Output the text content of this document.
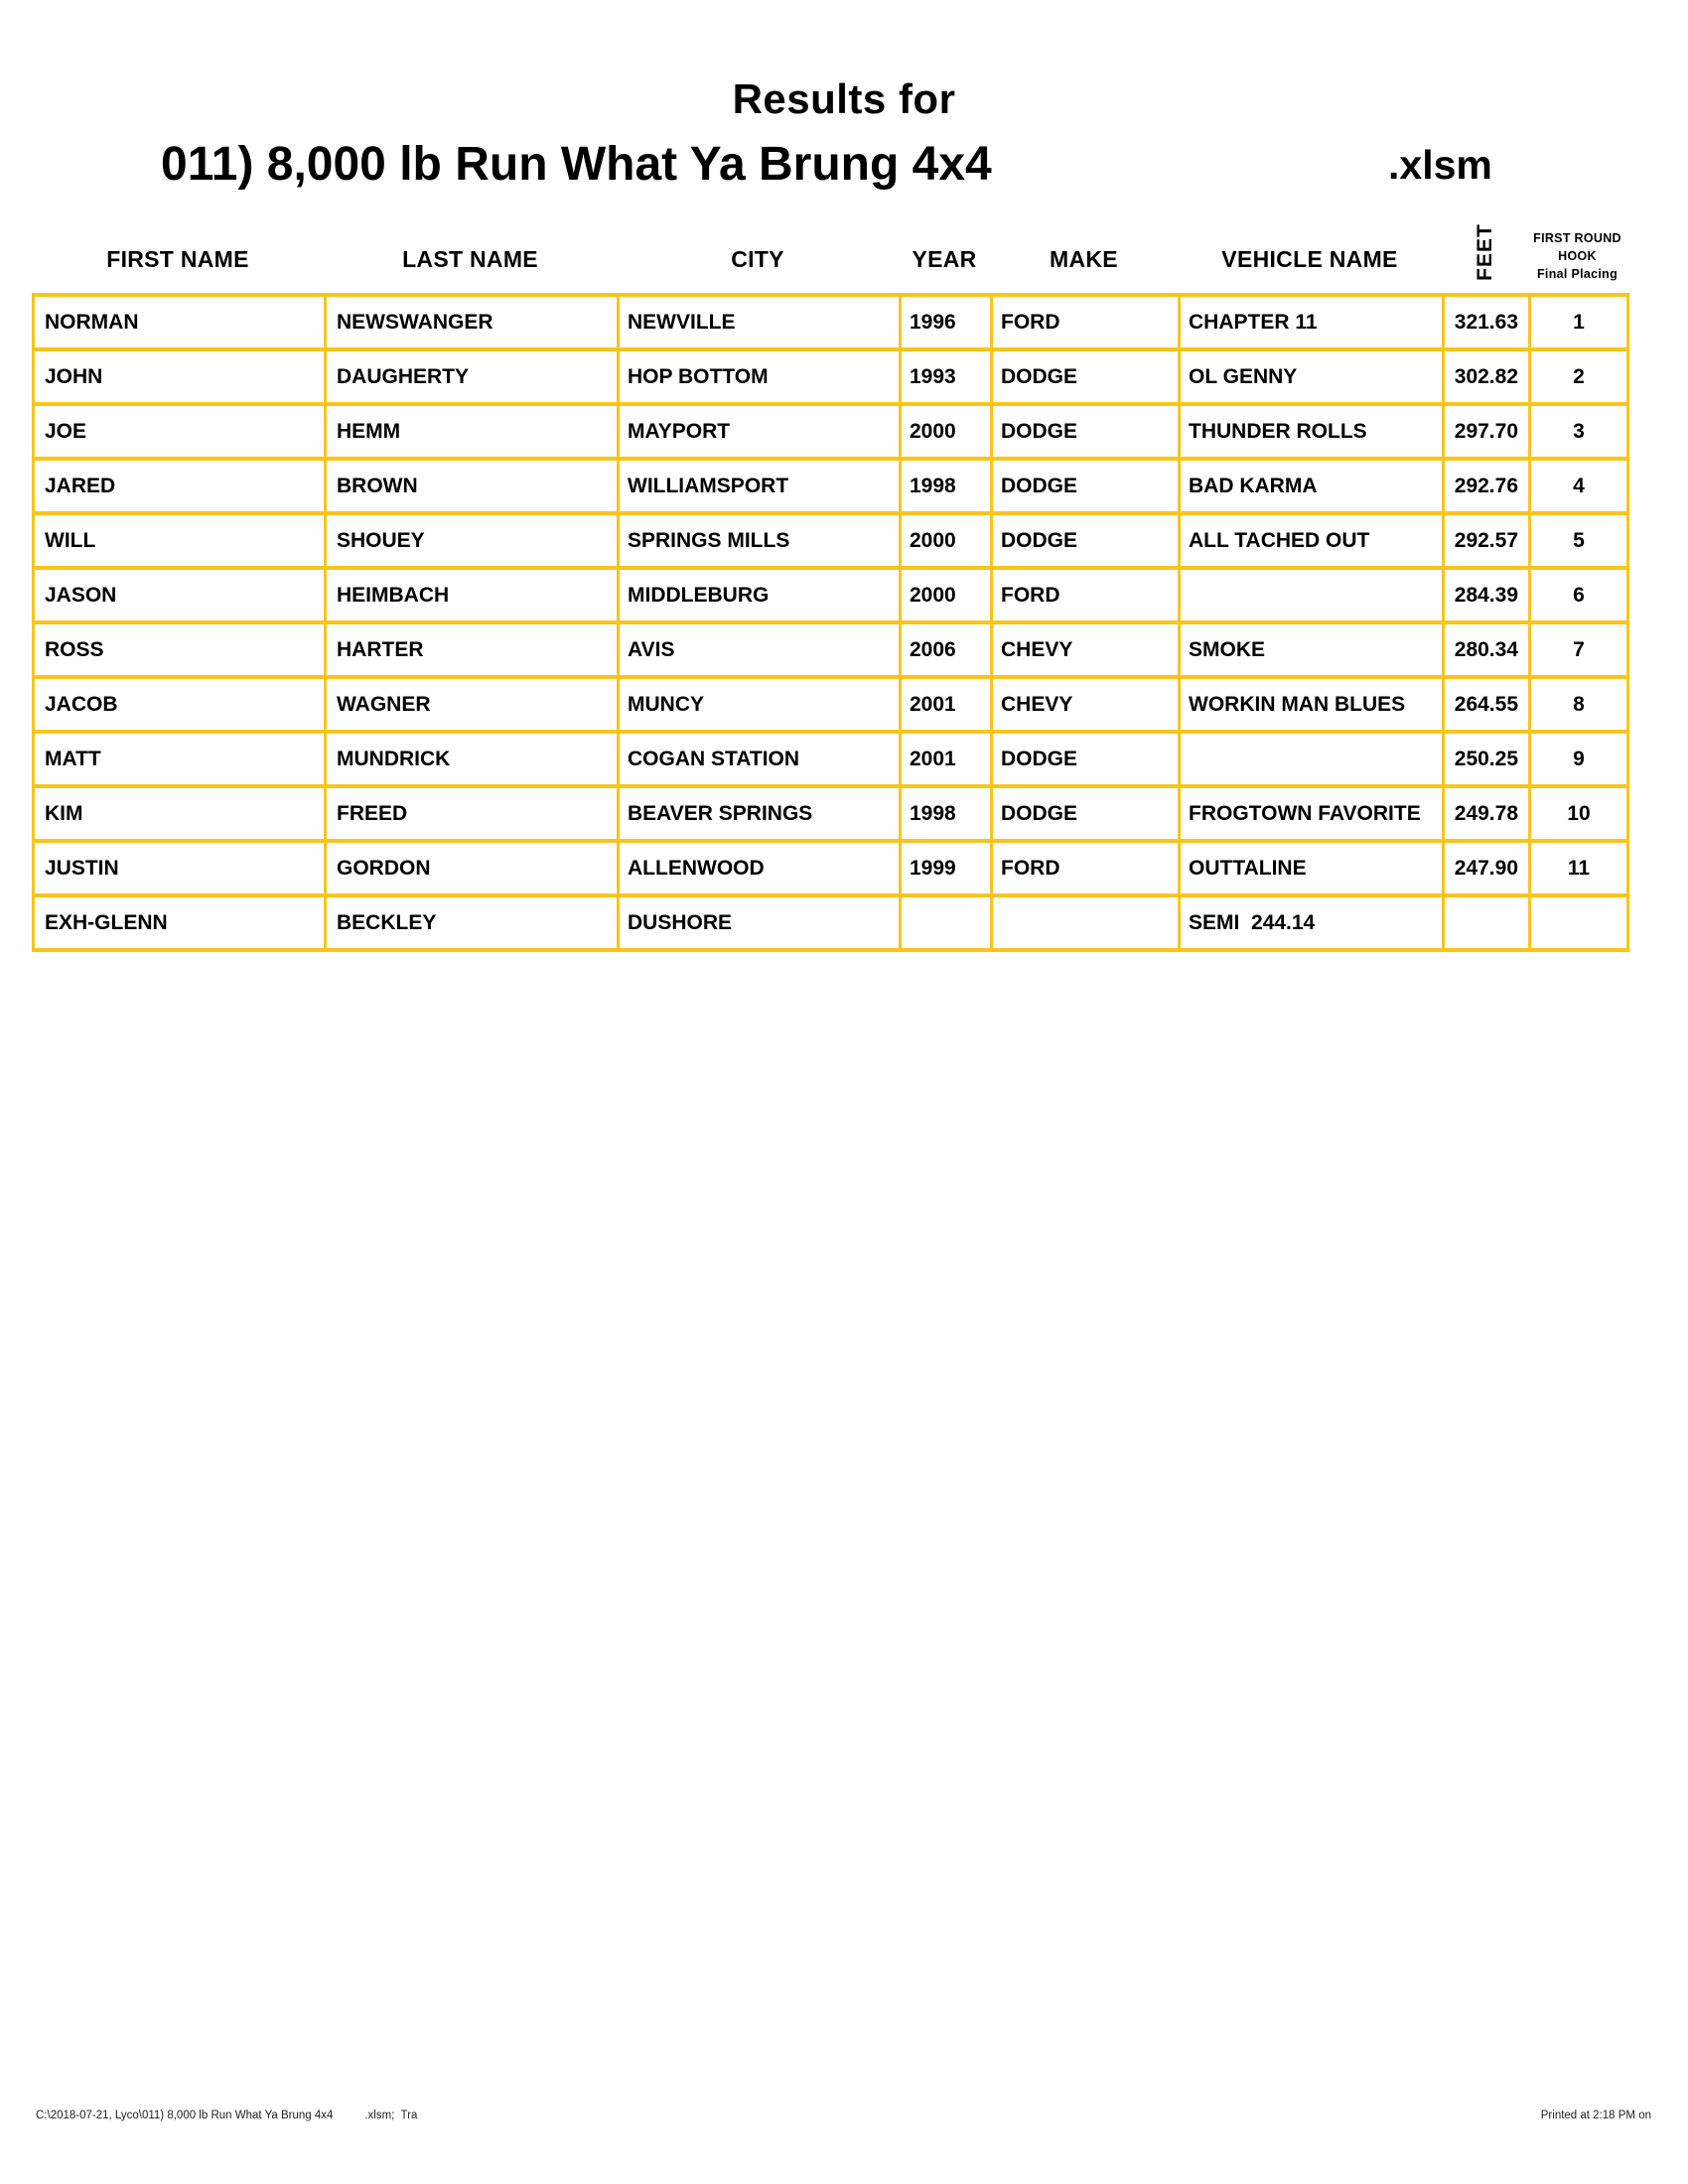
Results for
011) 8,000 lb Run What Ya Brung 4x4	.xlsm
FIRST NAME	LAST NAME	CITY	YEAR	MAKE	VEHICLE NAME	FEET	FIRST ROUND
HOOK
Final Placing
NORMAN	NEWSWANGER	NEWVILLE	1996	FORD	CHAPTER 11	321.63	1
JOHN	DAUGHERTY	HOP BOTTOM	1993	DODGE	OL GENNY	302.82	2
JOE	HEMM	MAYPORT	2000	DODGE	THUNDER ROLLS	297.70	3
JARED	BROWN	WILLIAMSPORT	1998	DODGE	BAD KARMA	292.76	4
WILL	SHOUEY	SPRINGS MILLS	2000	DODGE	ALL TACHED OUT	292.57	5
JASON	HEIMBACH	MIDDLEBURG	2000	FORD		284.39	6
ROSS	HARTER	AVIS	2006	CHEVY	SMOKE	280.34	7
JACOB	WAGNER	MUNCY	2001	CHEVY	WORKIN MAN BLUES	264.55	8
MATT	MUNDRICK	COGAN STATION	2001	DODGE		250.25	9
KIM	FREED	BEAVER SPRINGS	1998	DODGE	FROGTOWN FAVORITE	249.78	10
JUSTIN	GORDON	ALLENWOOD	1999	FORD	OUTTALINE	247.90	11
EXH-GLENN	BECKLEY	DUSHORE			SEMI  244.14		
C:\2018-07-21, Lyco\011) 8,000 lb Run What Ya Brung 4x4          .xlsm;  Tra	Printed at 2:18 PM on
